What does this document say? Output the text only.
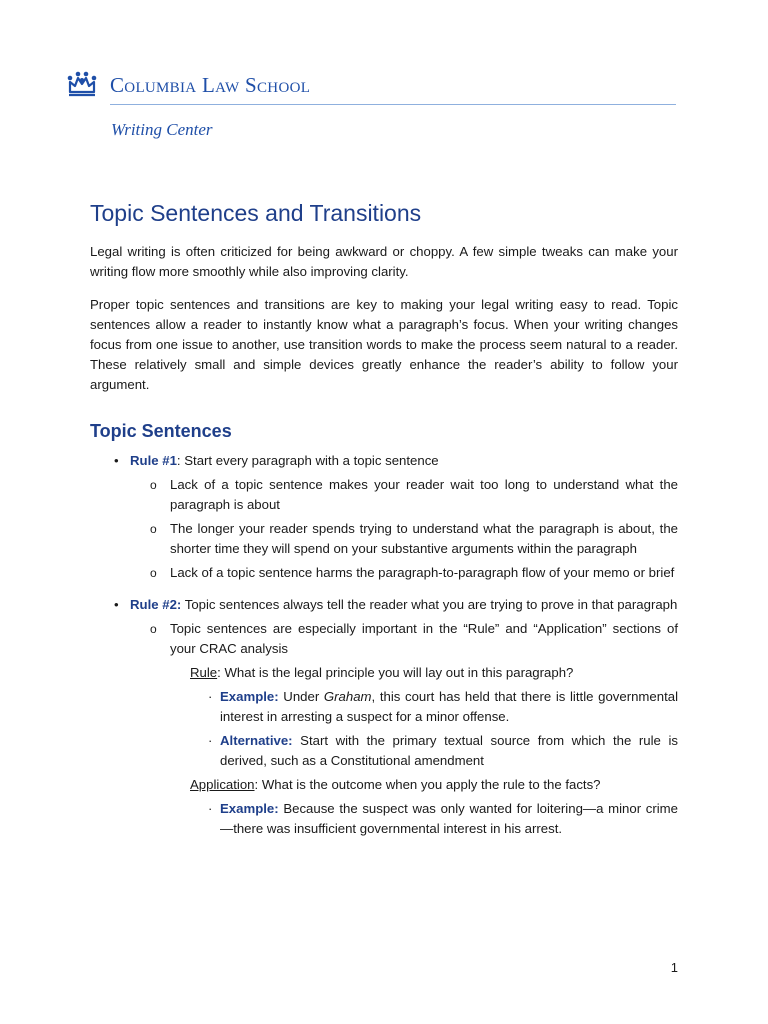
Columbia Law School
Writing Center
Topic Sentences and Transitions

Legal writing is often criticized for being awkward or choppy. A few simple tweaks can make your writing flow more smoothly while also improving clarity.

Proper topic sentences and transitions are key to making your legal writing easy to read. Topic sentences allow a reader to instantly know what a paragraph’s focus. When your writing changes focus from one issue to another, use transition words to make the process seem natural to a reader. These relatively small and simple devices greatly enhance the reader’s ability to follow your argument.

Topic Sentences
• Rule #1: Start every paragraph with a topic sentence
o Lack of a topic sentence makes your reader wait too long to understand what the paragraph is about
o The longer your reader spends trying to understand what the paragraph is about, the shorter time they will spend on your substantive arguments within the paragraph
o Lack of a topic sentence harms the paragraph-to-paragraph flow of your memo or brief
• Rule #2: Topic sentences always tell the reader what you are trying to prove in that paragraph
o Topic sentences are especially important in the “Rule” and “Application” sections of your CRAC analysis
Rule: What is the legal principle you will lay out in this paragraph?
· Example: Under Graham, this court has held that there is little governmental interest in arresting a suspect for a minor offense.
· Alternative: Start with the primary textual source from which the rule is derived, such as a Constitutional amendment
Application: What is the outcome when you apply the rule to the facts?
· Example: Because the suspect was only wanted for loitering—a minor crime—there was insufficient governmental interest in his arrest.
1
